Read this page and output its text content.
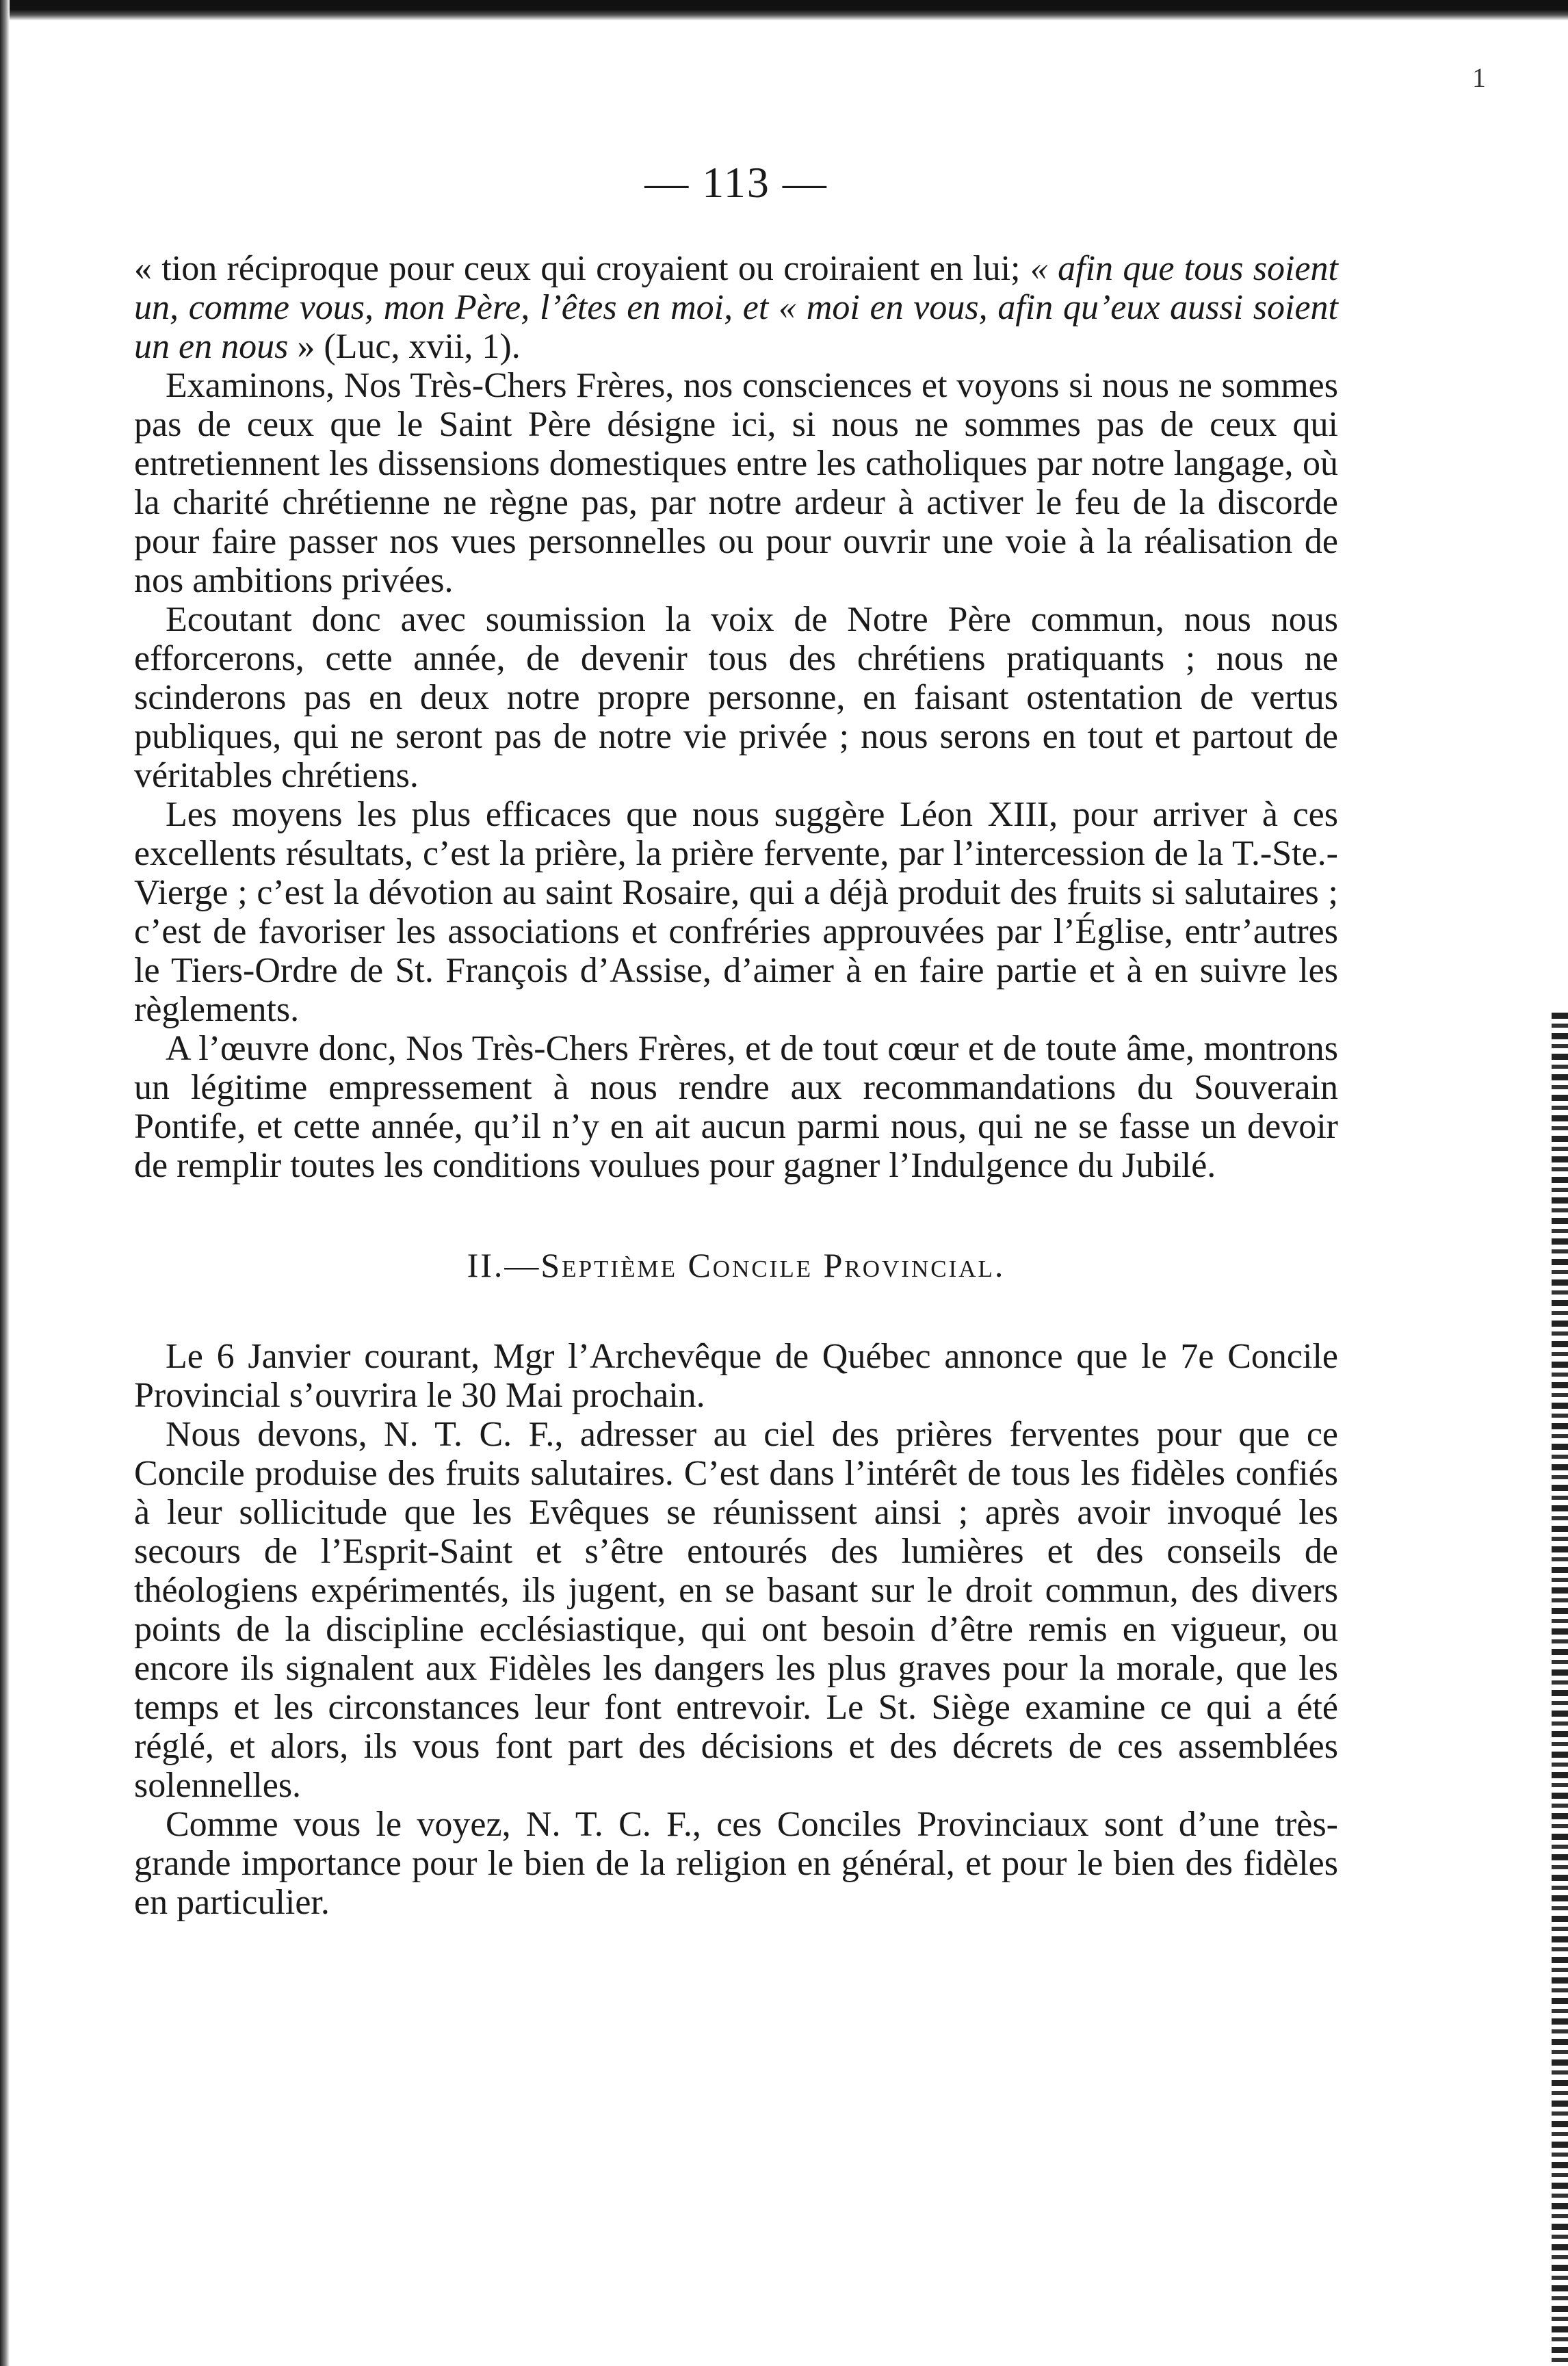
1
— 113 —

« tion réciproque pour ceux qui croyaient ou croiraient en lui; « afin que tous soient un, comme vous, mon Père, l’êtes en moi, et « moi en vous, afin qu’eux aussi soient un en nous » (Luc, xvii, 1).

Examinons, Nos Très-Chers Frères, nos consciences et voyons si nous ne sommes pas de ceux que le Saint Père désigne ici, si nous ne sommes pas de ceux qui entretiennent les dissensions domestiques entre les catholiques par notre langage, où la charité chrétienne ne règne pas, par notre ardeur à activer le feu de la discorde pour faire passer nos vues personnelles ou pour ouvrir une voie à la réalisation de nos ambitions privées.

Ecoutant donc avec soumission la voix de Notre Père commun, nous nous efforcerons, cette année, de devenir tous des chrétiens pratiquants ; nous ne scinderons pas en deux notre propre personne, en faisant ostentation de vertus publiques, qui ne seront pas de notre vie privée ; nous serons en tout et partout de véritables chrétiens.

Les moyens les plus efficaces que nous suggère Léon XIII, pour arriver à ces excellents résultats, c’est la prière, la prière fervente, par l’intercession de la T.-Ste.-Vierge ; c’est la dévotion au saint Rosaire, qui a déjà produit des fruits si salutaires ; c’est de favoriser les associations et confréries approuvées par l’Église, entr’autres le Tiers-Ordre de St. François d’Assise, d’aimer à en faire partie et à en suivre les règlements.

A l’œuvre donc, Nos Très-Chers Frères, et de tout cœur et de toute âme, montrons un légitime empressement à nous rendre aux recommandations du Souverain Pontife, et cette année, qu’il n’y en ait aucun parmi nous, qui ne se fasse un devoir de remplir toutes les conditions voulues pour gagner l’Indulgence du Jubilé.

II.—Septième Concile Provincial.

Le 6 Janvier courant, Mgr l’Archevêque de Québec annonce que le 7e Concile Provincial s’ouvrira le 30 Mai prochain.

Nous devons, N. T. C. F., adresser au ciel des prières ferventes pour que ce Concile produise des fruits salutaires. C’est dans l’intérêt de tous les fidèles confiés à leur sollicitude que les Evêques se réunissent ainsi ; après avoir invoqué les secours de l’Esprit-Saint et s’être entourés des lumières et des conseils de théologiens expérimentés, ils jugent, en se basant sur le droit commun, des divers points de la discipline ecclésiastique, qui ont besoin d’être remis en vigueur, ou encore ils signalent aux Fidèles les dangers les plus graves pour la morale, que les temps et les circonstances leur font entrevoir. Le St. Siège examine ce qui a été réglé, et alors, ils vous font part des décisions et des décrets de ces assemblées solennelles.

Comme vous le voyez, N. T. C. F., ces Conciles Provinciaux sont d’une très-grande importance pour le bien de la religion en général, et pour le bien des fidèles en particulier.
